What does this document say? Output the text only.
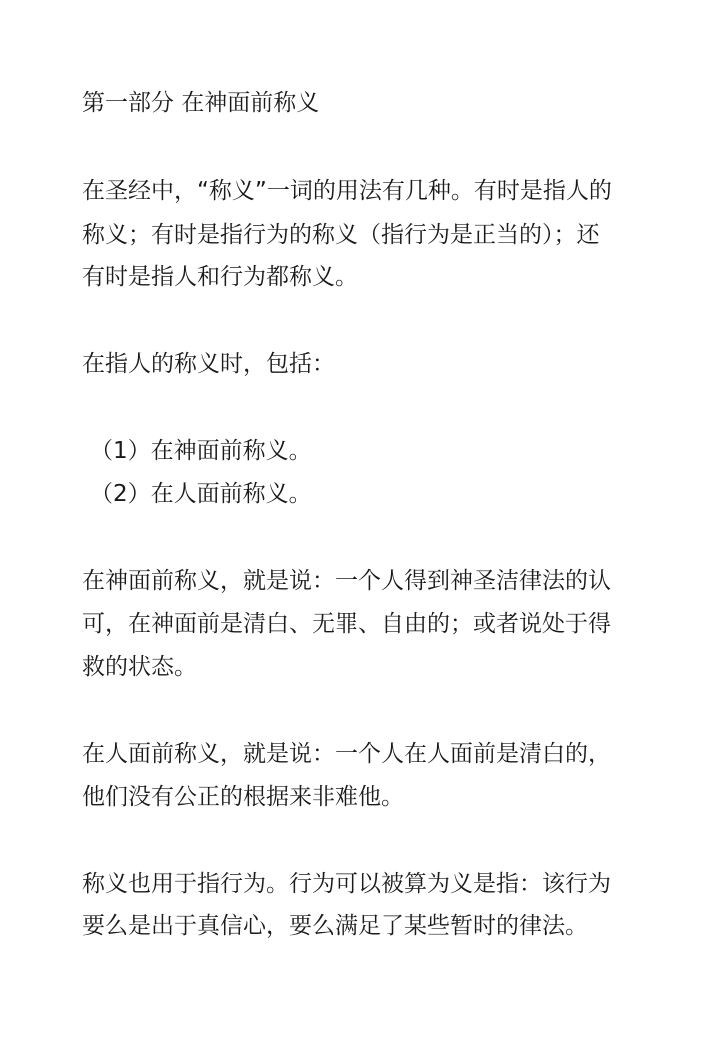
第一部分 在神面前称义
在圣经中，“称义”一词的用法有几种。有时是指人的
称义；有时是指行为的称义（指行为是正当的）；还
有时是指人和行为都称义。
在指人的称义时，包括：
（1）在神面前称义。
（2）在人面前称义。
在神面前称义，就是说：一个人得到神圣洁律法的认
可，在神面前是清白、无罪、自由的；或者说处于得
救的状态。
在人面前称义，就是说：一个人在人面前是清白的，
他们没有公正的根据来非难他。
称义也用于指行为。行为可以被算为义是指：该行为
要么是出于真信心，要么满足了某些暂时的律法。
